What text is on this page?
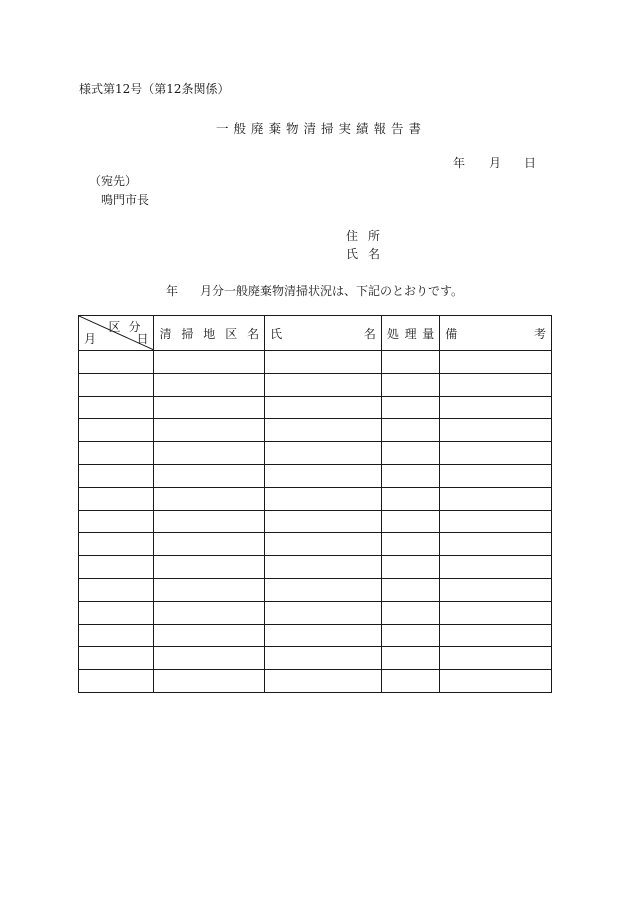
様式第12号（第12条関係）
一般廃棄物清掃実績報告書
年 月 日
（宛先）
鳴門市長
住所
氏名
年 月 分一般廃棄物清掃状況は、下記のとおりです。
区分
月 日	清掃地区名	氏 名	処理量	備 考
